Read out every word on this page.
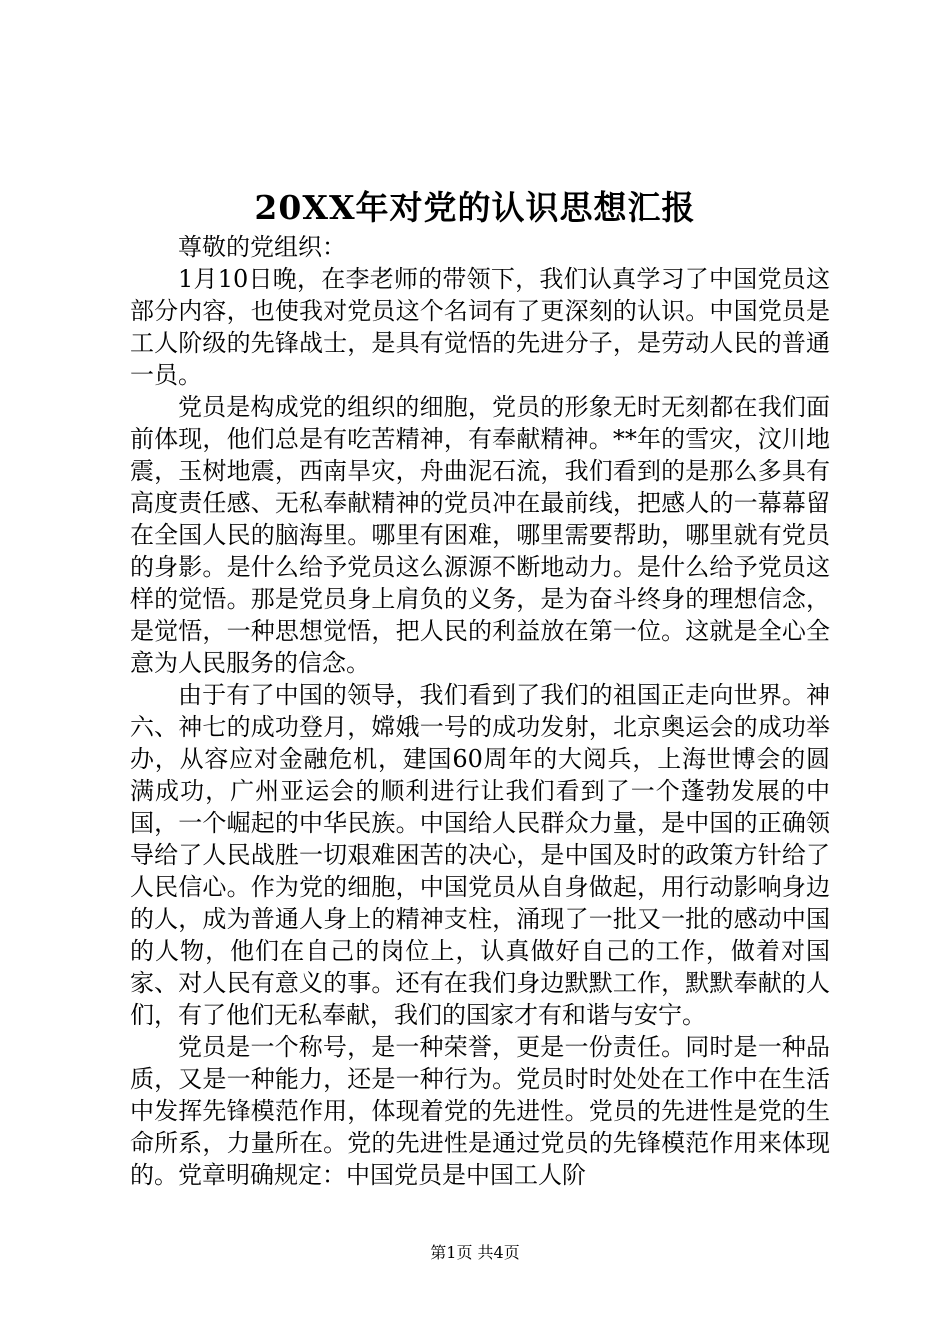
20XX年对党的认识思想汇报

尊敬的党组织：

1月10日晚，在李老师的带领下，我们认真学习了中国党员这部分内容，也使我对党员这个名词有了更深刻的认识。中国党员是工人阶级的先锋战士，是具有觉悟的先进分子，是劳动人民的普通一员。

党员是构成党的组织的细胞，党员的形象无时无刻都在我们面前体现，他们总是有吃苦精神，有奉献精神。**年的雪灾，汶川地震，玉树地震，西南旱灾，舟曲泥石流，我们看到的是那么多具有高度责任感、无私奉献精神的党员冲在最前线，把感人的一幕幕留在全国人民的脑海里。哪里有困难，哪里需要帮助，哪里就有党员的身影。是什么给予党员这么源源不断地动力。是什么给予党员这样的觉悟。那是党员身上肩负的义务，是为奋斗终身的理想信念，是觉悟，一种思想觉悟，把人民的利益放在第一位。这就是全心全意为人民服务的信念。

由于有了中国的领导，我们看到了我们的祖国正走向世界。神六、神七的成功登月，嫦娥一号的成功发射，北京奥运会的成功举办，从容应对金融危机，建国60周年的大阅兵，上海世博会的圆满成功，广州亚运会的顺利进行让我们看到了一个蓬勃发展的中国，一个崛起的中华民族。中国给人民群众力量，是中国的正确领导给了人民战胜一切艰难困苦的决心，是中国及时的政策方针给了人民信心。作为党的细胞，中国党员从自身做起，用行动影响身边的人，成为普通人身上的精神支柱，涌现了一批又一批的感动中国的人物，他们在自己的岗位上，认真做好自己的工作，做着对国家、对人民有意义的事。还有在我们身边默默工作，默默奉献的人们，有了他们无私奉献，我们的国家才有和谐与安宁。

党员是一个称号，是一种荣誉，更是一份责任。同时是一种品质，又是一种能力，还是一种行为。党员时时处处在工作中在生活中发挥先锋模范作用，体现着党的先进性。党员的先进性是党的生命所系，力量所在。党的先进性是通过党员的先锋模范作用来体现的。党章明确规定：中国党员是中国工人阶

第1页 共4页
